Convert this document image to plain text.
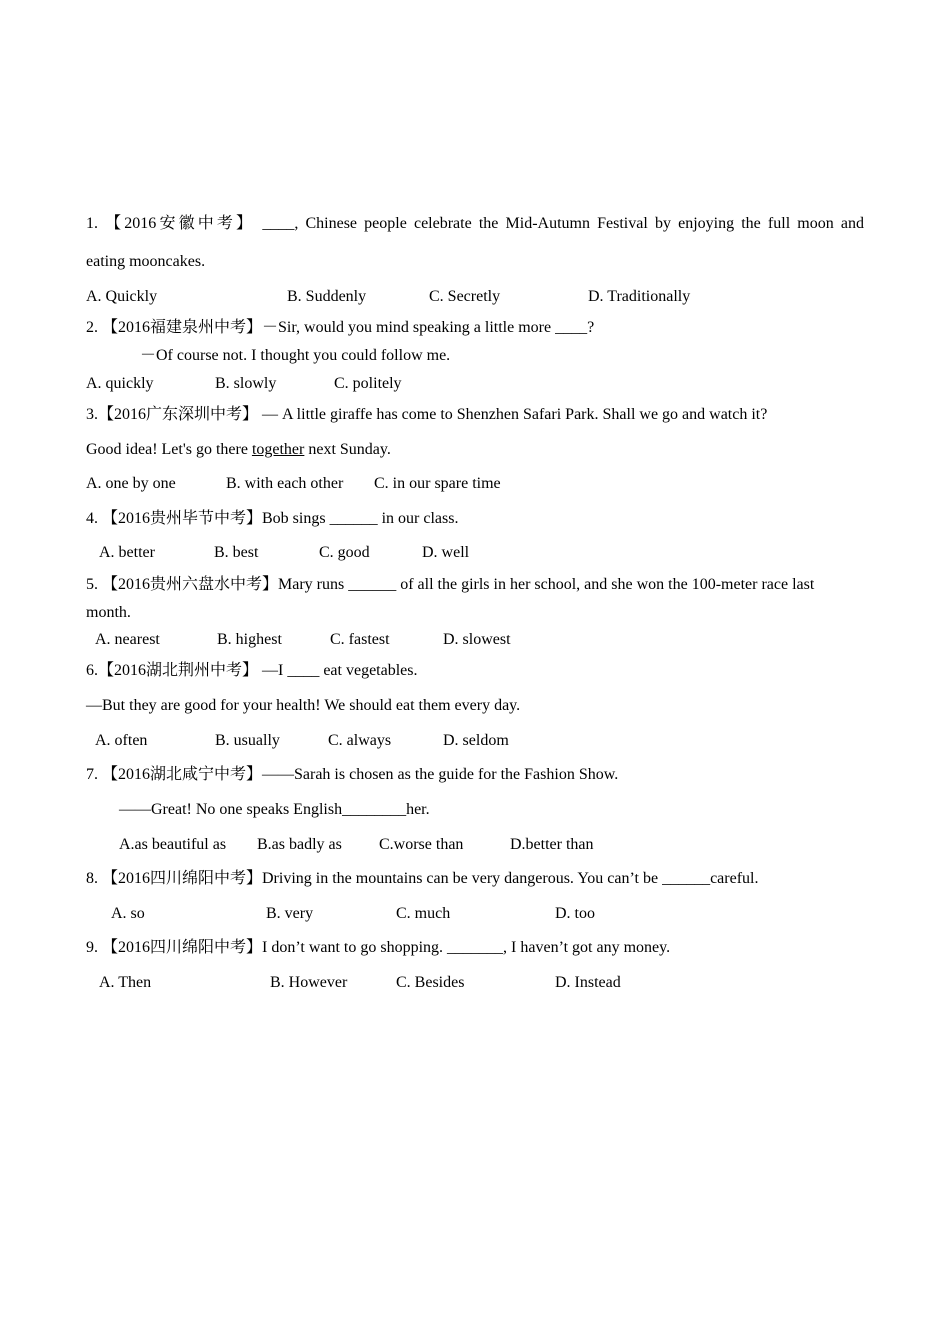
1. 【2016安徽中考】 ____, Chinese people celebrate the Mid-Autumn Festival by enjoying the full moon and
eating mooncakes.
A. Quickly	B. Suddenly	C. Secretly	D. Traditionally
2. 【2016福建泉州中考】－Sir, would you mind speaking a little more ____?
－Of course not. I thought you could follow me.
A. quickly	B. slowly	C. politely
3.【2016广东深圳中考】 — A little giraffe has come to Shenzhen Safari Park. Shall we go and watch it?
Good idea! Let's go there together next Sunday.
A. one by one	B. with each other C. in our spare time
4. 【2016贵州毕节中考】Bob sings ______ in our class.
A. better	B. best	C. good	D. well
5. 【2016贵州六盘水中考】Mary runs ______ of all the girls in her school, and she won the 100-meter race last
month.
A. nearest	B. highest	C. fastest	D. slowest
6.【2016湖北荆州中考】 —I ____ eat vegetables.
—But they are good for your health! We should eat them every day.
A. often	B. usually	C. always	D. seldom
7. 【2016湖北咸宁中考】——Sarah is chosen as the guide for the Fashion Show.
——Great! No one speaks English________her.
A.as beautiful as B.as badly as C.worse than	D.better than
8. 【2016四川绵阳中考】Driving in the mountains can be very dangerous. You can’t be ______careful.
A. so	B. very	C. much	D. too
9. 【2016四川绵阳中考】I don’t want to go shopping. _______, I haven’t got any money.
A. Then	B. However	C. Besides	D. Instead
